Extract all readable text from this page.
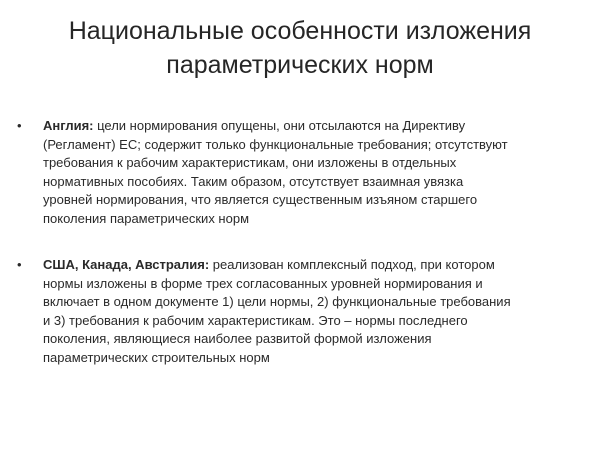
Национальные особенности изложения
параметрических норм
• Англия: цели нормирования опущены, они отсылаются на Директиву
(Регламент) ЕС; содержит только функциональные требования; отсутствуют
требования к рабочим характеристикам, они изложены в отдельных
нормативных пособиях. Таким образом, отсутствует взаимная увязка
уровней нормирования, что является существенным изъяном старшего
поколения параметрических норм
• США, Канада, Австралия: реализован комплексный подход, при котором
нормы изложены в форме трех согласованных уровней нормирования и
включает в одном документе 1) цели нормы, 2) функциональные требования
и 3) требования к рабочим характеристикам. Это – нормы последнего
поколения, являющиеся наиболее развитой формой изложения
параметрических строительных норм
